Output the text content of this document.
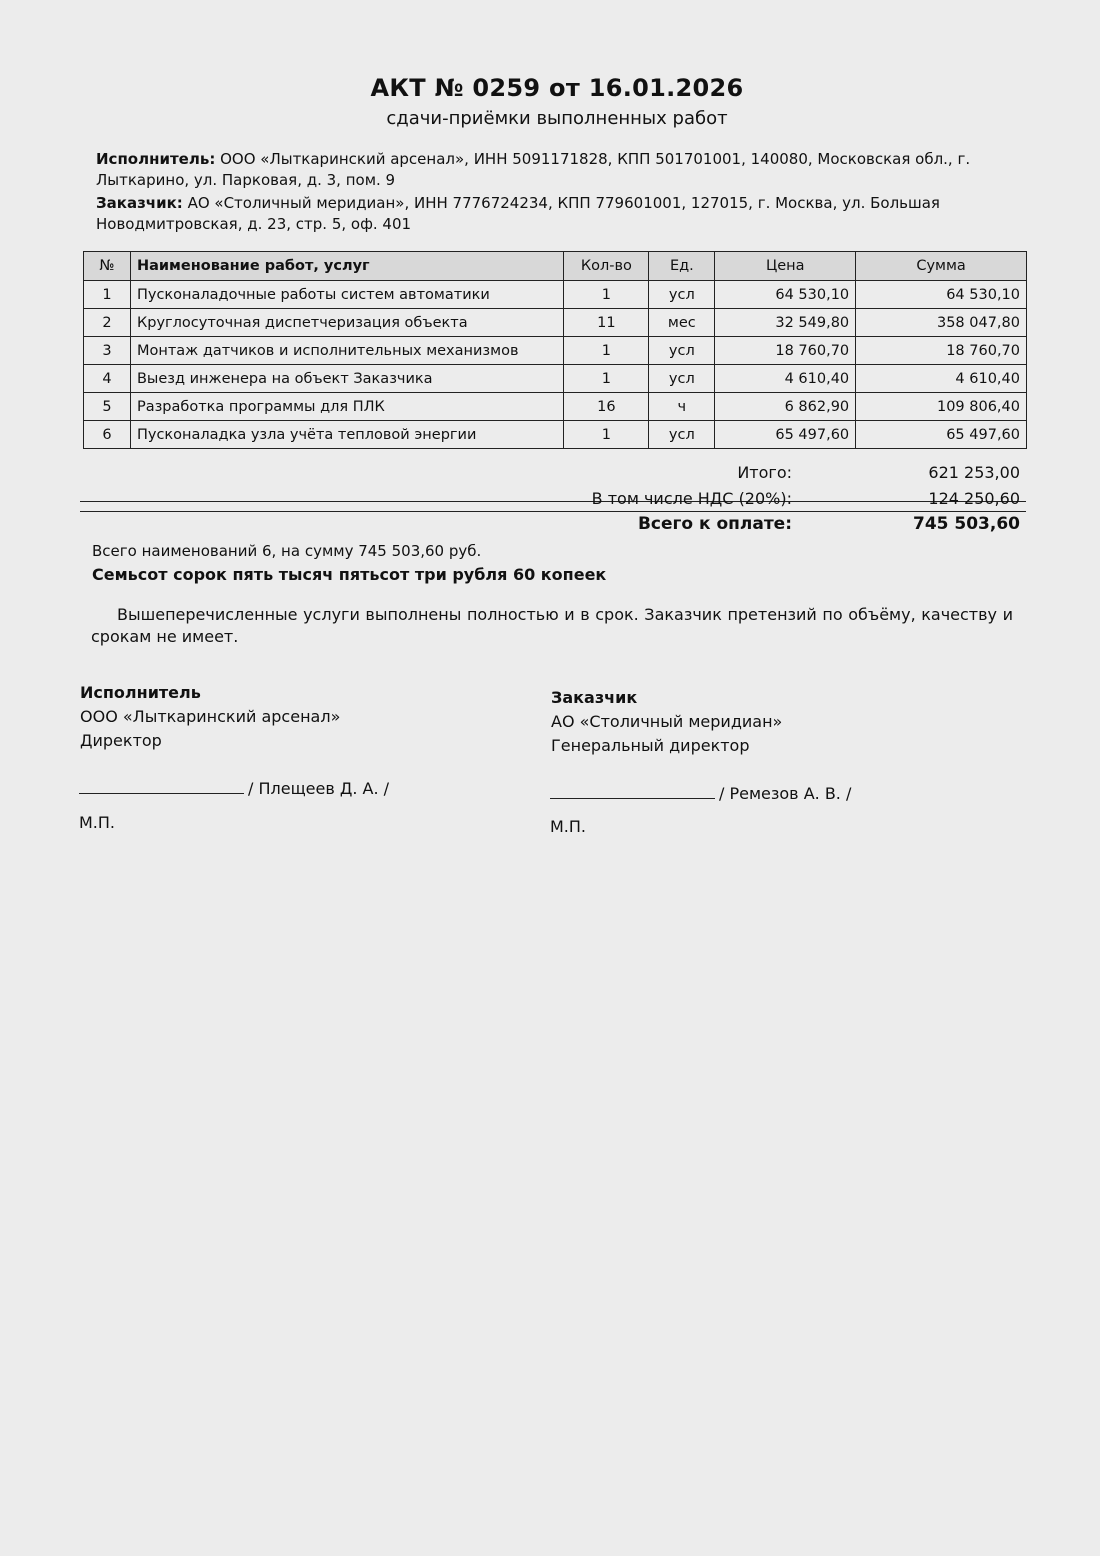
АКТ № 0259 от 16.01.2026
сдачи-приёмки выполненных работ
Исполнитель: ООО «Лыткаринский арсенал», ИНН 5091171828, КПП 501701001, 140080, Московская обл., г. Лыткарино, ул. Парковая, д. 3, пом. 9
Заказчик: АО «Столичный меридиан», ИНН 7776724234, КПП 779601001, 127015, г. Москва, ул. Большая Новодмитровская, д. 23, стр. 5, оф. 401
№	Наименование работ, услуг	Кол-во	Ед.	Цена	Сумма
1	Пусконаладочные работы систем автоматики	1	усл	64 530,10	64 530,10
2	Круглосуточная диспетчеризация объекта	11	мес	32 549,80	358 047,80
3	Монтаж датчиков и исполнительных механизмов	1	усл	18 760,70	18 760,70
4	Выезд инженера на объект Заказчика	1	усл	4 610,40	4 610,40
5	Разработка программы для ПЛК	16	ч	6 862,90	109 806,40
6	Пусконаладка узла учёта тепловой энергии	1	усл	65 497,60	65 497,60
Итого:	621 253,00
В том числе НДС (20%):	124 250,60
Всего к оплате:	745 503,60
Всего наименований 6, на сумму 745 503,60 руб.
Семьсот сорок пять тысяч пятьсот три рубля 60 копеек
Вышеперечисленные услуги выполнены полностью и в срок. Заказчик претензий по объёму, качеству и срокам не имеет.
Исполнитель
ООО «Лыткаринский арсенал»
Директор
/ Плещеев Д. А. /
М.П.
Заказчик
АО «Столичный меридиан»
Генеральный директор
/ Ремезов А. В. /
М.П.
